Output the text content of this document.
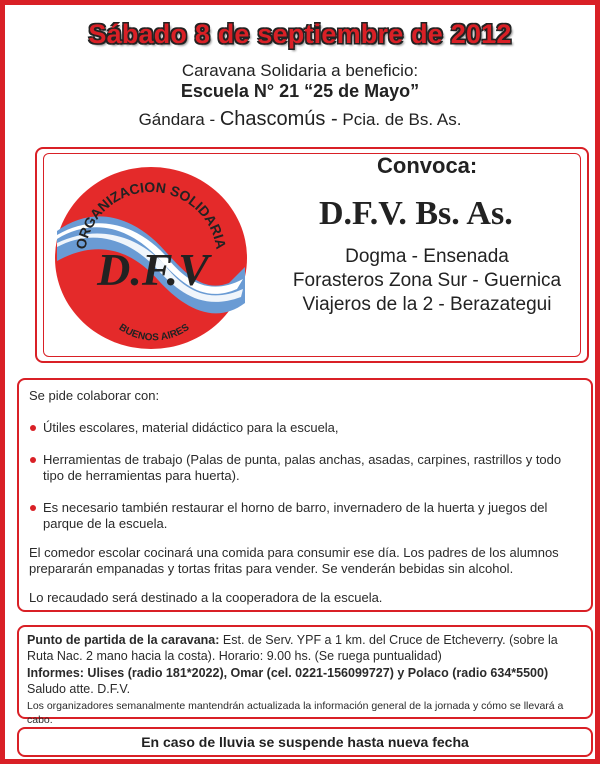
Sábado 8 de septiembre de 2012
Caravana Solidaria a beneficio:
Escuela N° 21 “25 de Mayo”
Gándara - Chascomús - Pcia. de Bs. As.
ORGANIZACION SOLIDARIA
BUENOS AIRES
D.F.V
Convoca:
D.F.V. Bs. As.
Dogma - Ensenada
Forasteros Zona Sur - Guernica
Viajeros de la 2 - Berazategui

Se pide colaborar con:

Útiles escolares, material didáctico para la escuela,

Herramientas de trabajo (Palas de punta, palas anchas, asadas, carpines, rastrillos y todo tipo de herramientas para huerta).

Es necesario también restaurar el horno de barro, invernadero de la huerta y juegos del parque de la escuela.

El comedor escolar cocinará una comida para consumir ese día. Los padres de los alumnos prepararán empanadas y tortas fritas para vender. Se venderán bebidas sin alcohol.

Lo recaudado será destinado a la cooperadora de la escuela.

Punto de partida de la caravana: Est. de Serv. YPF a 1 km. del Cruce de Etcheverry. (sobre la Ruta Nac. 2 mano hacia la costa). Horario: 9.00 hs. (Se ruega puntualidad)

Informes: Ulises (radio 181*2022), Omar (cel. 0221-156099727) y Polaco (radio 634*5500)

Saludo atte. D.F.V.

Los organizadores semanalmente mantendrán actualizada la información general de la jornada y cómo se llevará a cabo.

En caso de lluvia se suspende hasta nueva fecha
